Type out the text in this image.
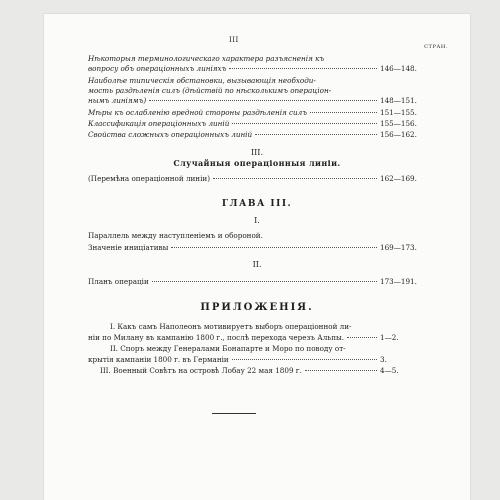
III
СТРАН.
Нѣкоторыя терминологическаго характера разъясненія къ
вопросу объ операціонныхъ линіяхъ	146—148.
Наиболѣе типическія обстановки, вызывающія необходи-
мость раздѣленія силъ (дѣйствій по нѣсколькимъ операціон-
нымъ линіямъ)	148—151.
Мѣры къ ослабленію вредной стороны раздѣленія силъ	151—155.
Классификація операціонныхъ линій	155—156.
Свойства сложныхъ операціонныхъ линій	156—162.
III.
Случайныя операціонныя линіи.
(Перемѣна операціонной линіи)	162—169.
ГЛАВА III.
I.
Параллель между наступленіемъ и обороной.
Значеніе иниціативы	169—173.
II.
Планъ операціи	173—191.
ПРИЛОЖЕНІЯ.
I. Какъ самъ Наполеонъ мотивируетъ выборъ операціонной ли-
ніи по Милану въ кампанію 1800 г., послѣ перехода черезъ Альпы.	1—2.
II. Споръ между Генералами Бонапарте и Моро по поводу от-
крытія кампаніи 1800 г. въ Германіи	3.
III. Военный Совѣтъ на островѣ Лобау 22 мая 1809 г.	4—5.
